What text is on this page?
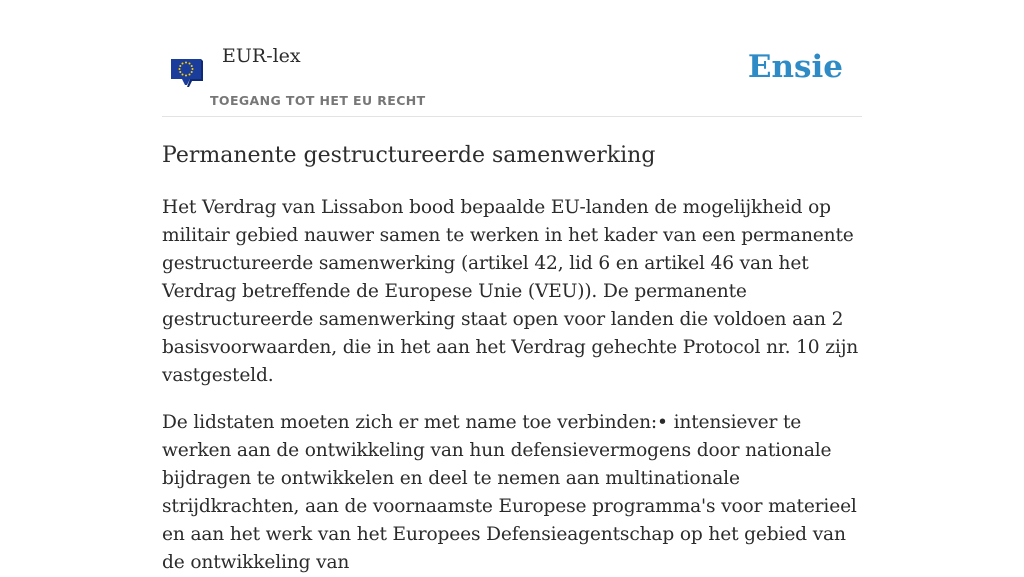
EUR-lex
TOEGANG TOT HET EU RECHT
Ensie
Permanente gestructureerde samenwerking

Het Verdrag van Lissabon bood bepaalde EU-landen de mogelijkheid op militair gebied nauwer samen te werken in het kader van een permanente gestructureerde samenwerking (artikel 42, lid 6 en artikel 46 van het Verdrag betreffende de Europese Unie (VEU)). De permanente gestructureerde samenwerking staat open voor landen die voldoen aan 2 basisvoorwaarden, die in het aan het Verdrag gehechte Protocol nr. 10 zijn vastgesteld.

De lidstaten moeten zich er met name toe verbinden:• intensiever te werken aan de ontwikkeling van hun defensievermogens door nationale bijdragen te ontwikkelen en deel te nemen aan multinationale strijdkrachten, aan de voornaamste Europese programma's voor materieel en aan het werk van het Europees Defensieagentschap op het gebied van de ontwikkeling van
